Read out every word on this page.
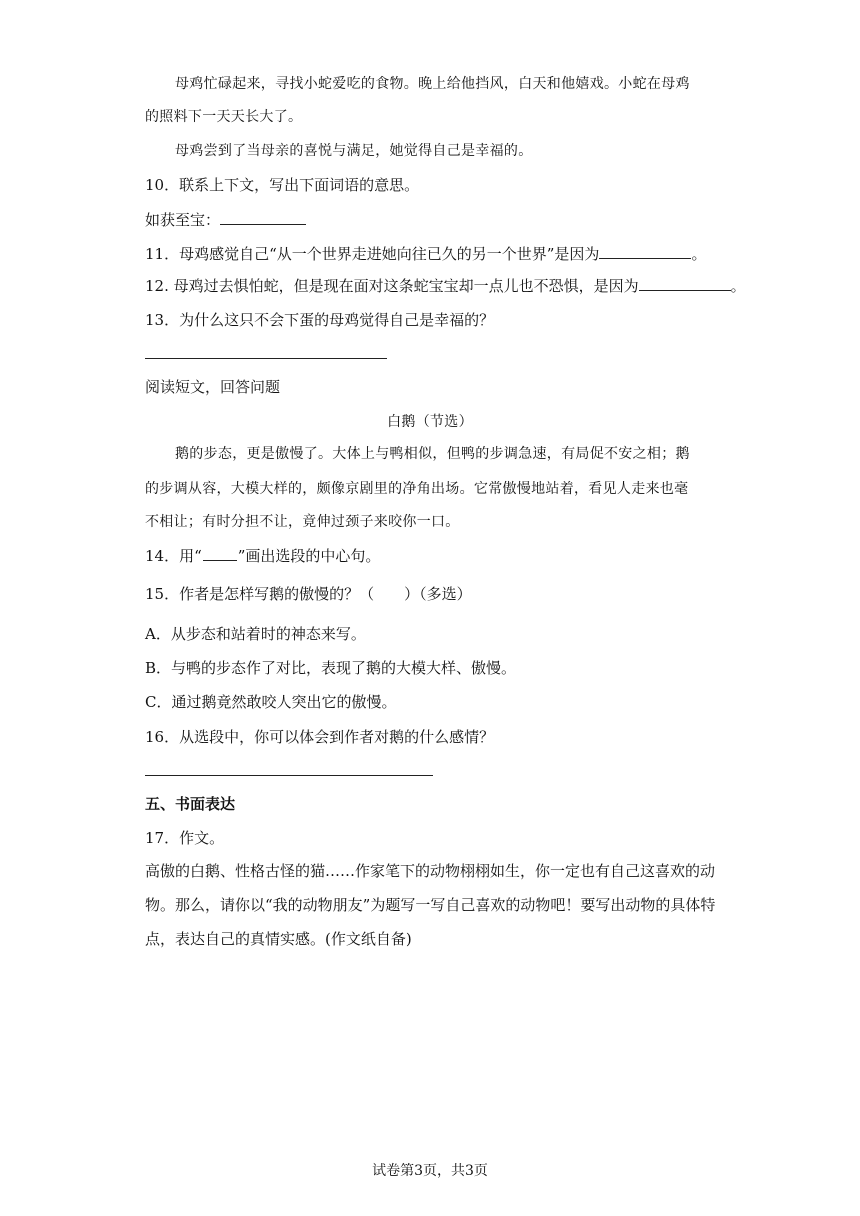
母鸡忙碌起来，寻找小蛇爱吃的食物。晚上给他挡风，白天和他嬉戏。小蛇在母鸡
的照料下一天天长大了。
母鸡尝到了当母亲的喜悦与满足，她觉得自己是幸福的。
10．联系上下文，写出下面词语的意思。
如获至宝：
11．母鸡感觉自己“从一个世界走进她向往已久的另一个世界”是因为	。
12. 母鸡过去惧怕蛇，但是现在面对这条蛇宝宝却一点儿也不恐惧，是因为	。
13．为什么这只不会下蛋的母鸡觉得自己是幸福的？
阅读短文，回答问题
白鹅（节选）
鹅的步态，更是傲慢了。大体上与鸭相似，但鸭的步调急速，有局促不安之相；鹅
的步调从容，大模大样的，颇像京剧里的净角出场。它常傲慢地站着，看见人走来也毫
不相让；有时分担不让，竟伸过颈子来咬你一口。
14．用“ ”画出选段的中心句。
15．作者是怎样写鹅的傲慢的？（　　）（多选）
A．从步态和站着时的神态来写。
B．与鸭的步态作了对比，表现了鹅的大模大样、傲慢。
C．通过鹅竟然敢咬人突出它的傲慢。
16．从选段中，你可以体会到作者对鹅的什么感情？
五、书面表达
17．作文。
高傲的白鹅、性格古怪的猫……作家笔下的动物栩栩如生，你一定也有自己这喜欢的动
物。那么，请你以“我的动物朋友”为题写一写自己喜欢的动物吧！要写出动物的具体特
点，表达自己的真情实感。(作文纸自备)
试卷第3页，共3页
